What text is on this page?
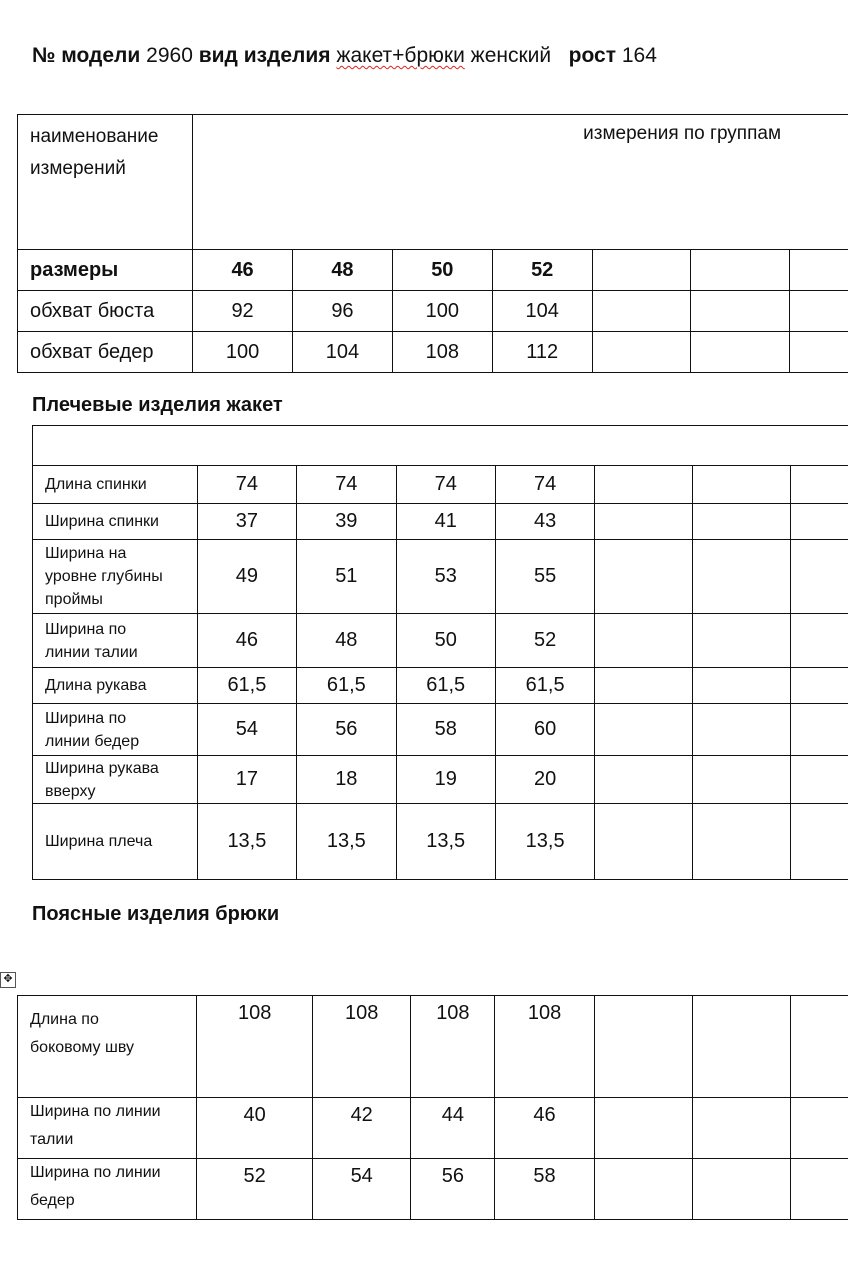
№ модели 2960 вид изделия жакет+брюки женский рост 164
наименование измерений	измерения по группам						
размеры	46	48	50	52			
обхват бюста	92	96	100	104			
обхват бедер	100	104	108	112			
Плечевые изделия жакет

Длина спинки	74	74	74	74			
Ширина спинки	37	39	41	43			
Ширина на уровне глубины проймы	49	51	53	55			
Ширина по линии талии	46	48	50	52			
Длина рукава	61,5	61,5	61,5	61,5			
Ширина по линии бедер	54	56	58	60			
Ширина рукава вверху	17	18	19	20			
Ширина плеча	13,5	13,5	13,5	13,5			
Поясные изделия брюки
✥
Длина по боковому шву	108	108	108	108			
Ширина по линии талии	40	42	44	46			
Ширина по линии бедер	52	54	56	58			
